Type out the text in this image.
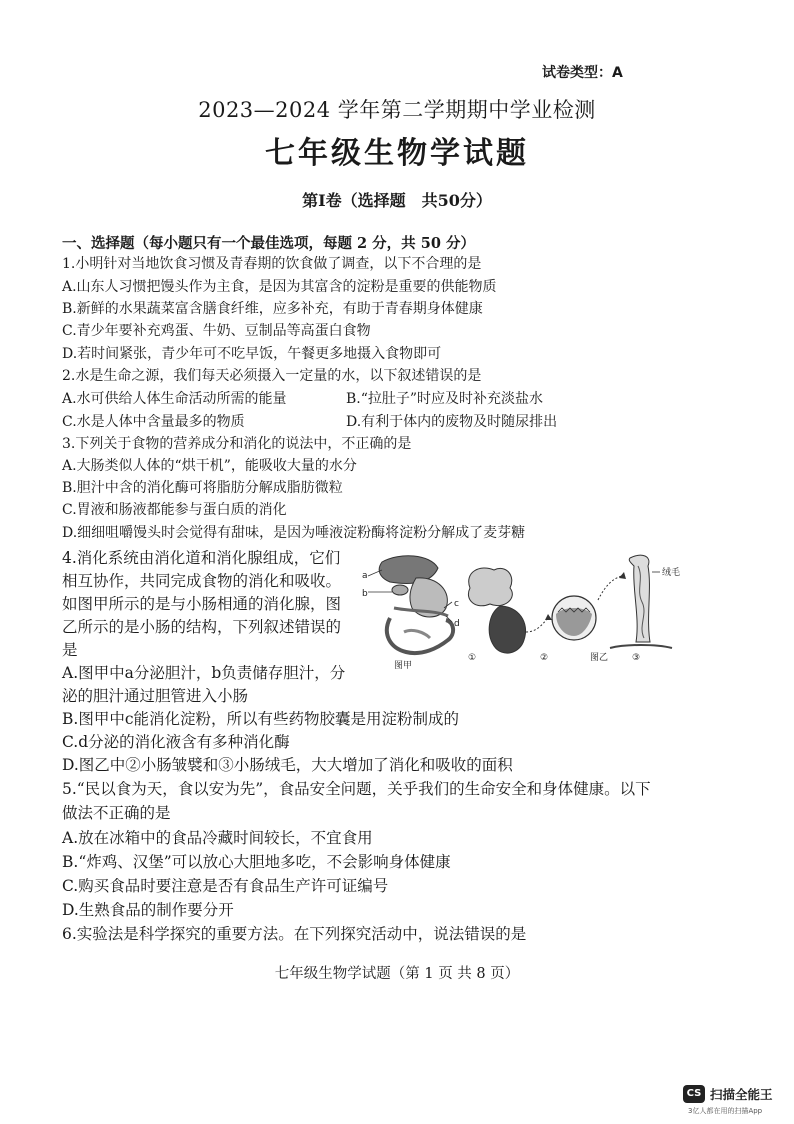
试卷类型：A
2023—2024 学年第二学期期中学业检测
七年级生物学试题
第Ⅰ卷（选择题　共50分）
一、选择题（每小题只有一个最佳选项，每题 2 分，共 50 分）
1.小明针对当地饮食习惯及青春期的饮食做了调查，以下不合理的是
A.山东人习惯把馒头作为主食，是因为其富含的淀粉是重要的供能物质
B.新鲜的水果蔬菜富含膳食纤维，应多补充，有助于青春期身体健康
C.青少年要补充鸡蛋、牛奶、豆制品等高蛋白食物
D.若时间紧张，青少年可不吃早饭，午餐更多地摄入食物即可
2.水是生命之源，我们每天必须摄入一定量的水，以下叙述错误的是
A.水可供给人体生命活动所需的能量	B.“拉肚子”时应及时补充淡盐水
C.水是人体中含量最多的物质	D.有利于体内的废物及时随尿排出
3.下列关于食物的营养成分和消化的说法中，不正确的是
A.大肠类似人体的“烘干机”，能吸收大量的水分
B.胆汁中含的消化酶可将脂肪分解成脂肪微粒
C.胃液和肠液都能参与蛋白质的消化
D.细细咀嚼馒头时会觉得有甜味，是因为唾液淀粉酶将淀粉分解成了麦芽糖
4.消化系统由消化道和消化腺组成，它们
相互协作，共同完成食物的消化和吸收。
如图甲所示的是与小肠相通的消化腺，图
乙所示的是小肠的结构，下列叙述错误的
是
A.图甲中a分泌胆汁，b负责储存胆汁，分
泌的胆汁通过胆管进入小肠
B.图甲中c能消化淀粉，所以有些药物胶囊是用淀粉制成的
C.d分泌的消化液含有多种消化酶
D.图乙中②小肠皱襞和③小肠绒毛，大大增加了消化和吸收的面积
a
b
c
d
图甲
①	②	图乙
绒毛
③
5.“民以食为天，食以安为先”，食品安全问题，关乎我们的生命安全和身体健康。以下
做法不正确的是
A.放在冰箱中的食品冷藏时间较长，不宜食用
B.“炸鸡、汉堡”可以放心大胆地多吃，不会影响身体健康
C.购买食品时要注意是否有食品生产许可证编号
D.生熟食品的制作要分开
6.实验法是科学探究的重要方法。在下列探究活动中，说法错误的是
七年级生物学试题（第 1 页 共 8 页）
CS 扫描全能王
3亿人都在用的扫描App
